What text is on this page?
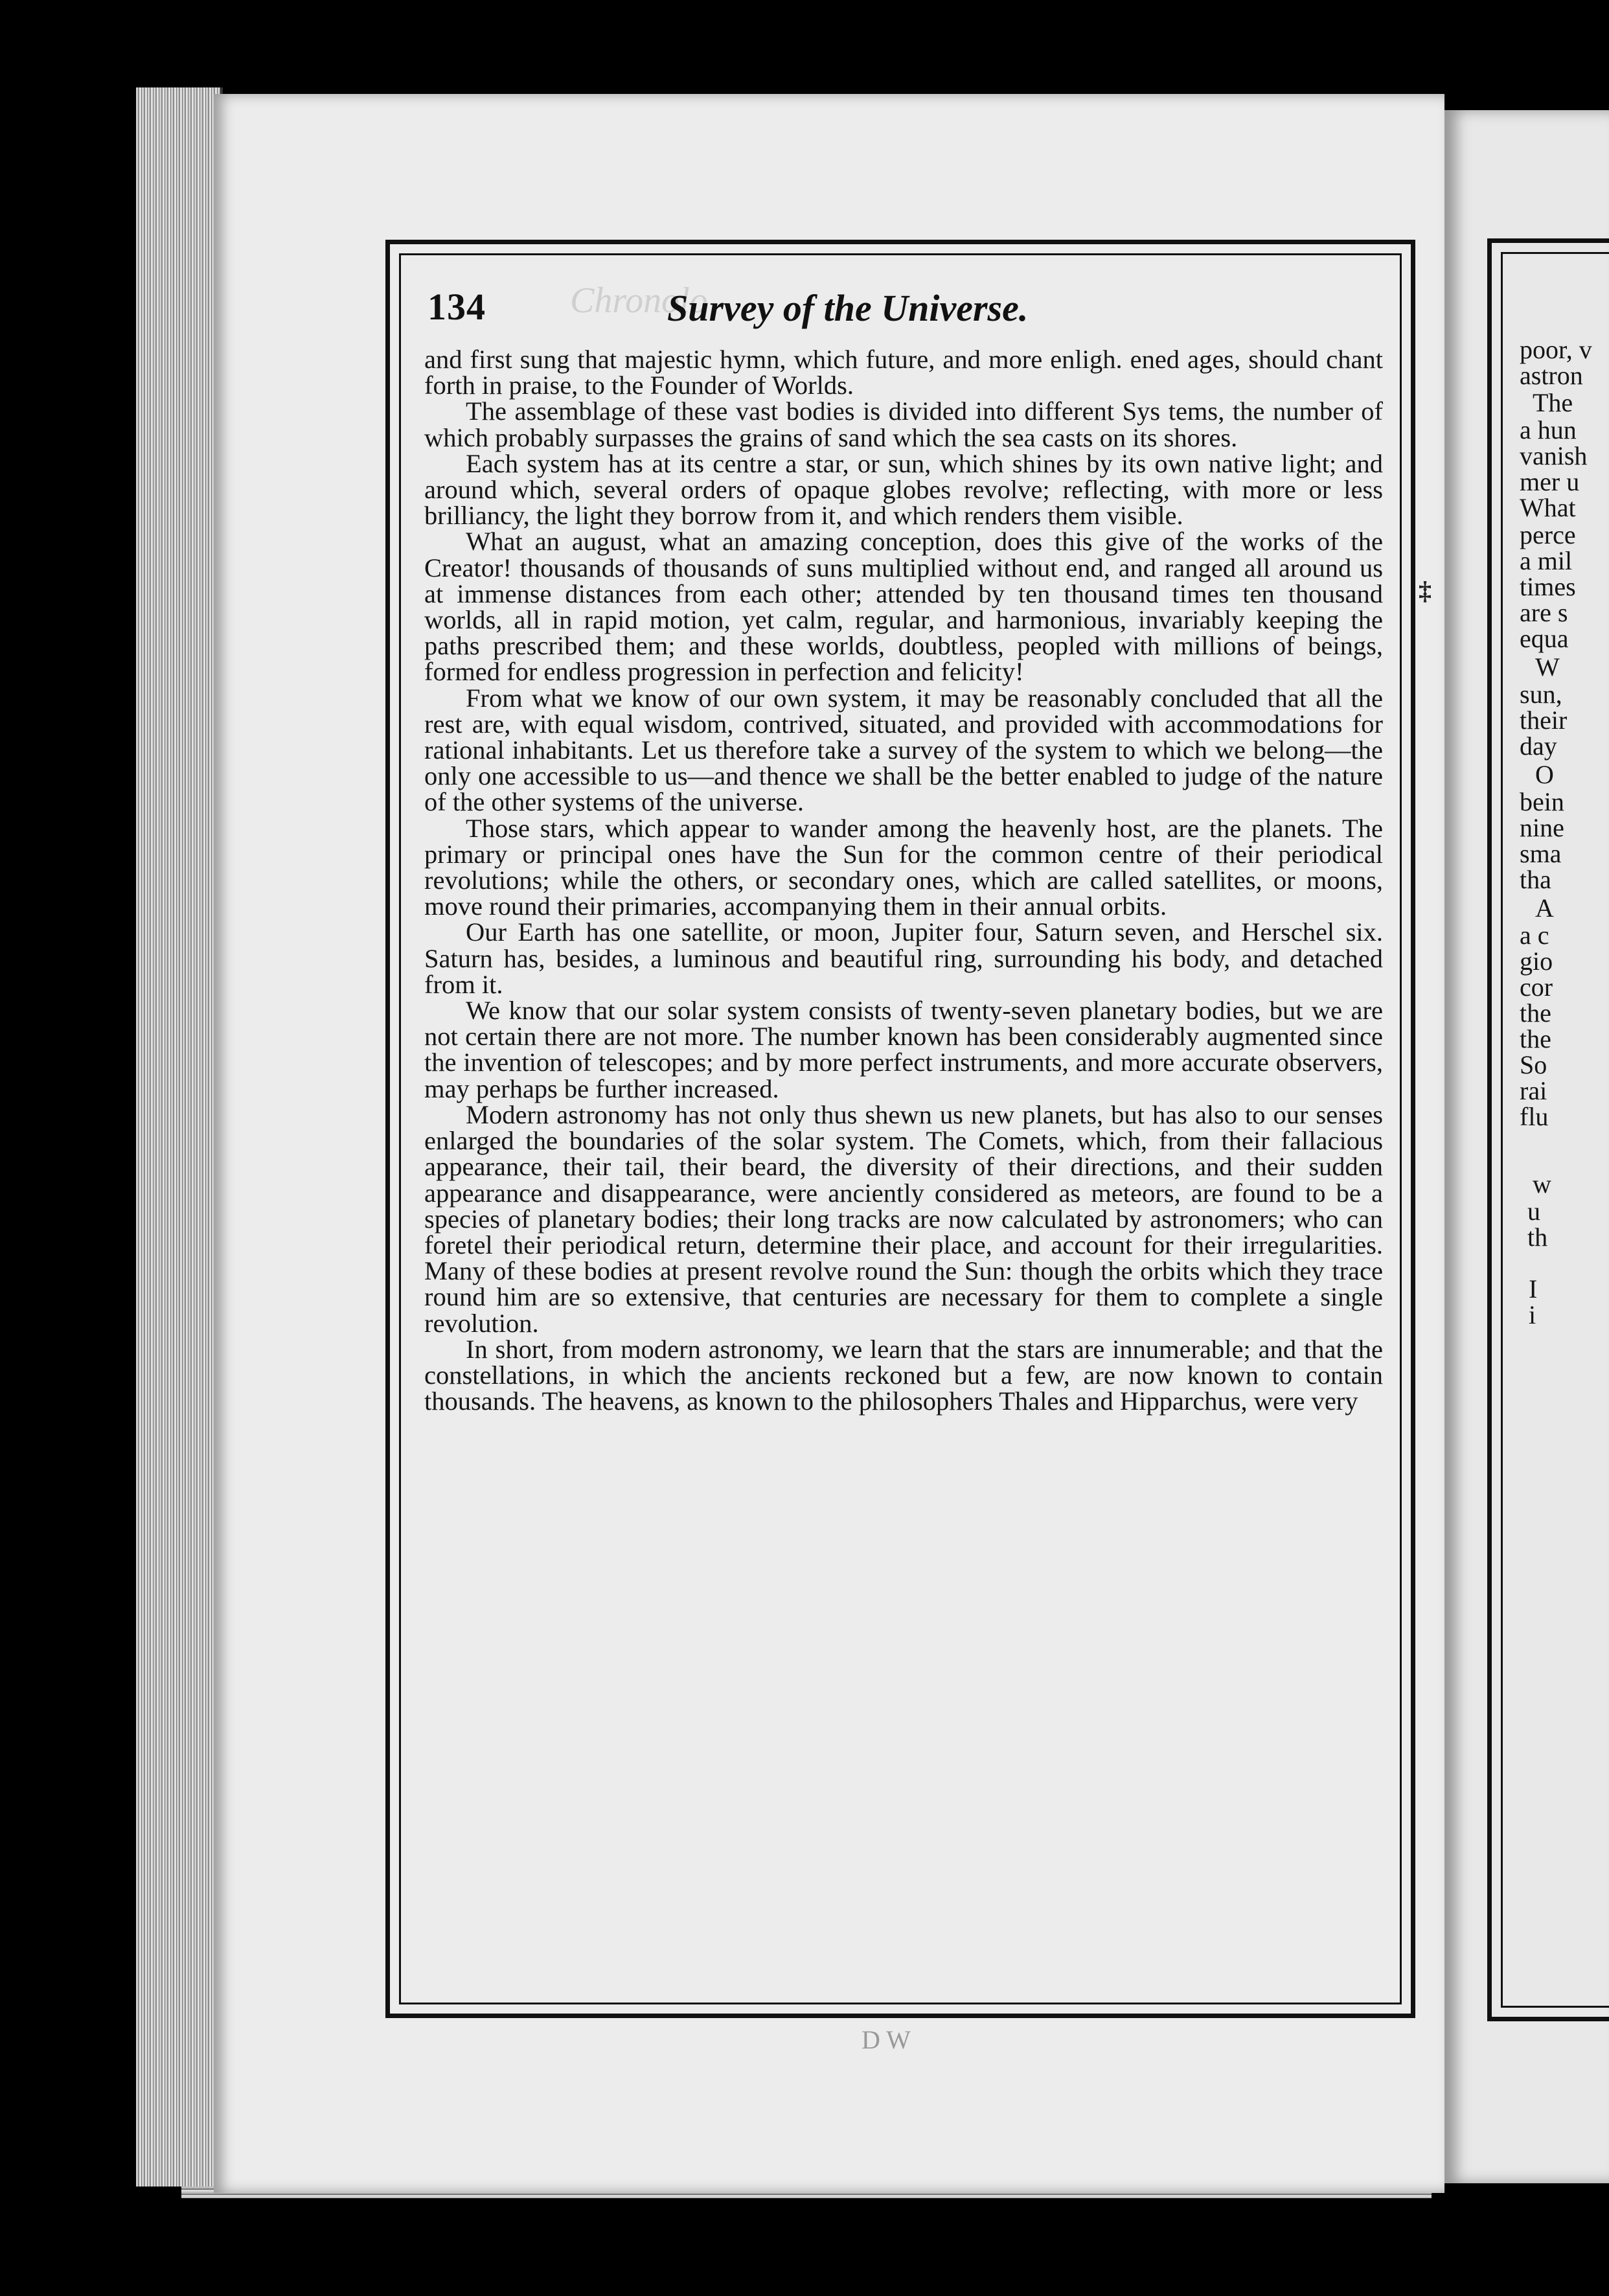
Chronolo
134	Survey of the Universe.

and first sung that majestic hymn, which future, and more enligh. ened ages, should chant forth in praise, to the Founder of Worlds.

The assemblage of these vast bodies is divided into different Sys tems, the number of which probably surpasses the grains of sand which the sea casts on its shores.

Each system has at its centre a star, or sun, which shines by its own native light; and around which, several orders of opaque globes revolve; reflecting, with more or less brilliancy, the light they borrow from it, and which renders them visible.

What an august, what an amazing conception, does this give of the works of the Creator! thousands of thousands of suns multiplied without end, and ranged all around us at immense distances from each other; attended by ten thousand times ten thousand worlds, all in rapid motion, yet calm, regular, and harmonious, invariably keeping the paths prescribed them; and these worlds, doubtless, peopled with millions of beings, formed for endless progression in perfection and felicity!

From what we know of our own system, it may be reasonably concluded that all the rest are, with equal wisdom, contrived, situated, and provided with accommodations for rational inhabitants. Let us therefore take a survey of the system to which we belong—the only one accessible to us—and thence we shall be the better enabled to judge of the nature of the other systems of the universe.

Those stars, which appear to wander among the heavenly host, are the planets. The primary or principal ones have the Sun for the common centre of their periodical revolutions; while the others, or secondary ones, which are called satellites, or moons, move round their primaries, accompanying them in their annual orbits.

Our Earth has one satellite, or moon, Jupiter four, Saturn seven, and Herschel six. Saturn has, besides, a luminous and beautiful ring, surrounding his body, and detached from it.

We know that our solar system consists of twenty-seven planetary bodies, but we are not certain there are not more. The number known has been considerably augmented since the invention of telescopes; and by more perfect instruments, and more accurate observers, may perhaps be further increased.

Modern astronomy has not only thus shewn us new planets, but has also to our senses enlarged the boundaries of the solar system. The Comets, which, from their fallacious appearance, their tail, their beard, the diversity of their directions, and their sudden appearance and disappearance, were anciently considered as meteors, are found to be a species of planetary bodies; their long tracks are now calculated by astronomers; who can foretel their periodical return, determine their place, and account for their irregularities. Many of these bodies at present revolve round the Sun: though the orbits which they trace round him are so extensive, that centuries are necessary for them to complete a single revolution.

In short, from modern astronomy, we learn that the stars are innumerable; and that the constellations, in which the ancients reckoned but a few, are now known to contain thousands. The heavens, as known to the philosophers Thales and Hipparchus, were very

‡
D W
poor, v
astron
The
a hun
vanish
mer u
What
perce
a mil
times
are s
equa
W
sun,
their
day
O
bein
nine
sma
tha
A
a c
gio
cor
the
the
So
rai
flu
w
u
th
I
i
